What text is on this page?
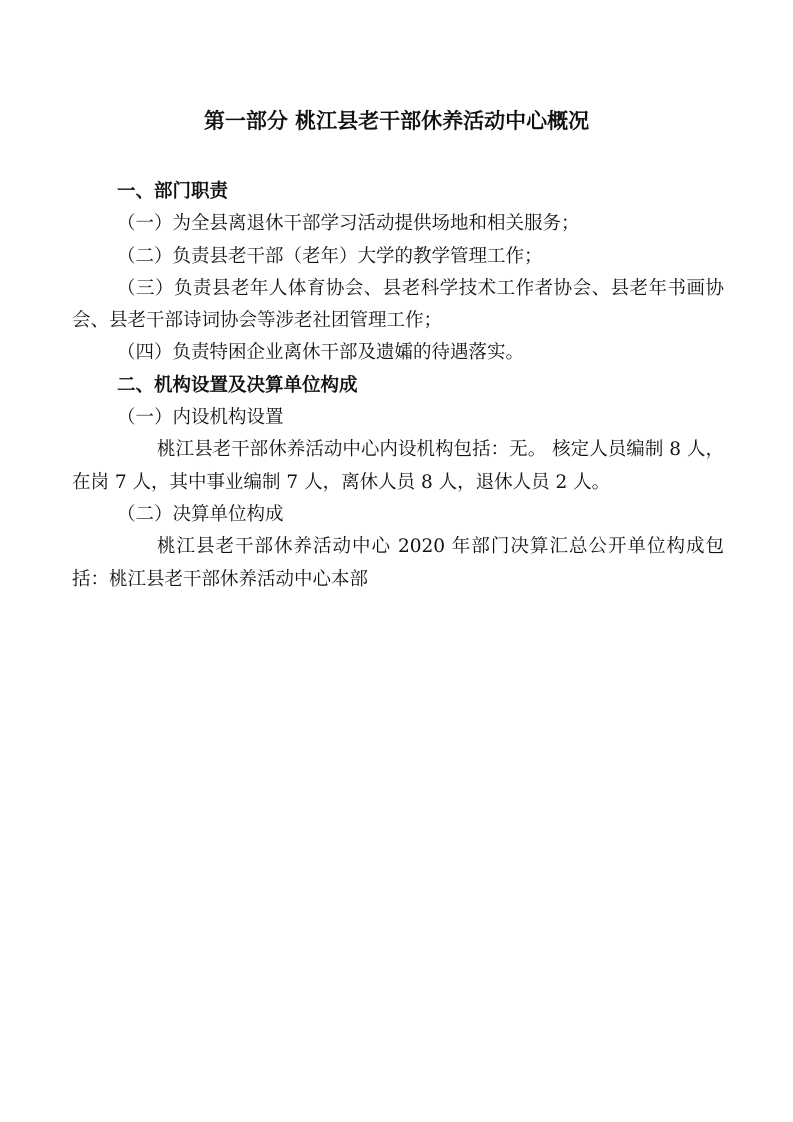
第一部分 桃江县老干部休养活动中心概况

一、部门职责

（一）为全县离退休干部学习活动提供场地和相关服务；

（二）负责县老干部（老年）大学的教学管理工作；

（三）负责县老年人体育协会、县老科学技术工作者协会、县老年书画协会、县老干部诗词协会等涉老社团管理工作；

（四）负责特困企业离休干部及遗孀的待遇落实。

二、机构设置及决算单位构成

（一）内设机构设置

桃江县老干部休养活动中心内设机构包括：无。 核定人员编制 8 人，在岗 7 人，其中事业编制 7 人，离休人员 8 人，退休人员 2 人。

（二）决算单位构成

桃江县老干部休养活动中心 2020 年部门决算汇总公开单位构成包括：桃江县老干部休养活动中心本部
